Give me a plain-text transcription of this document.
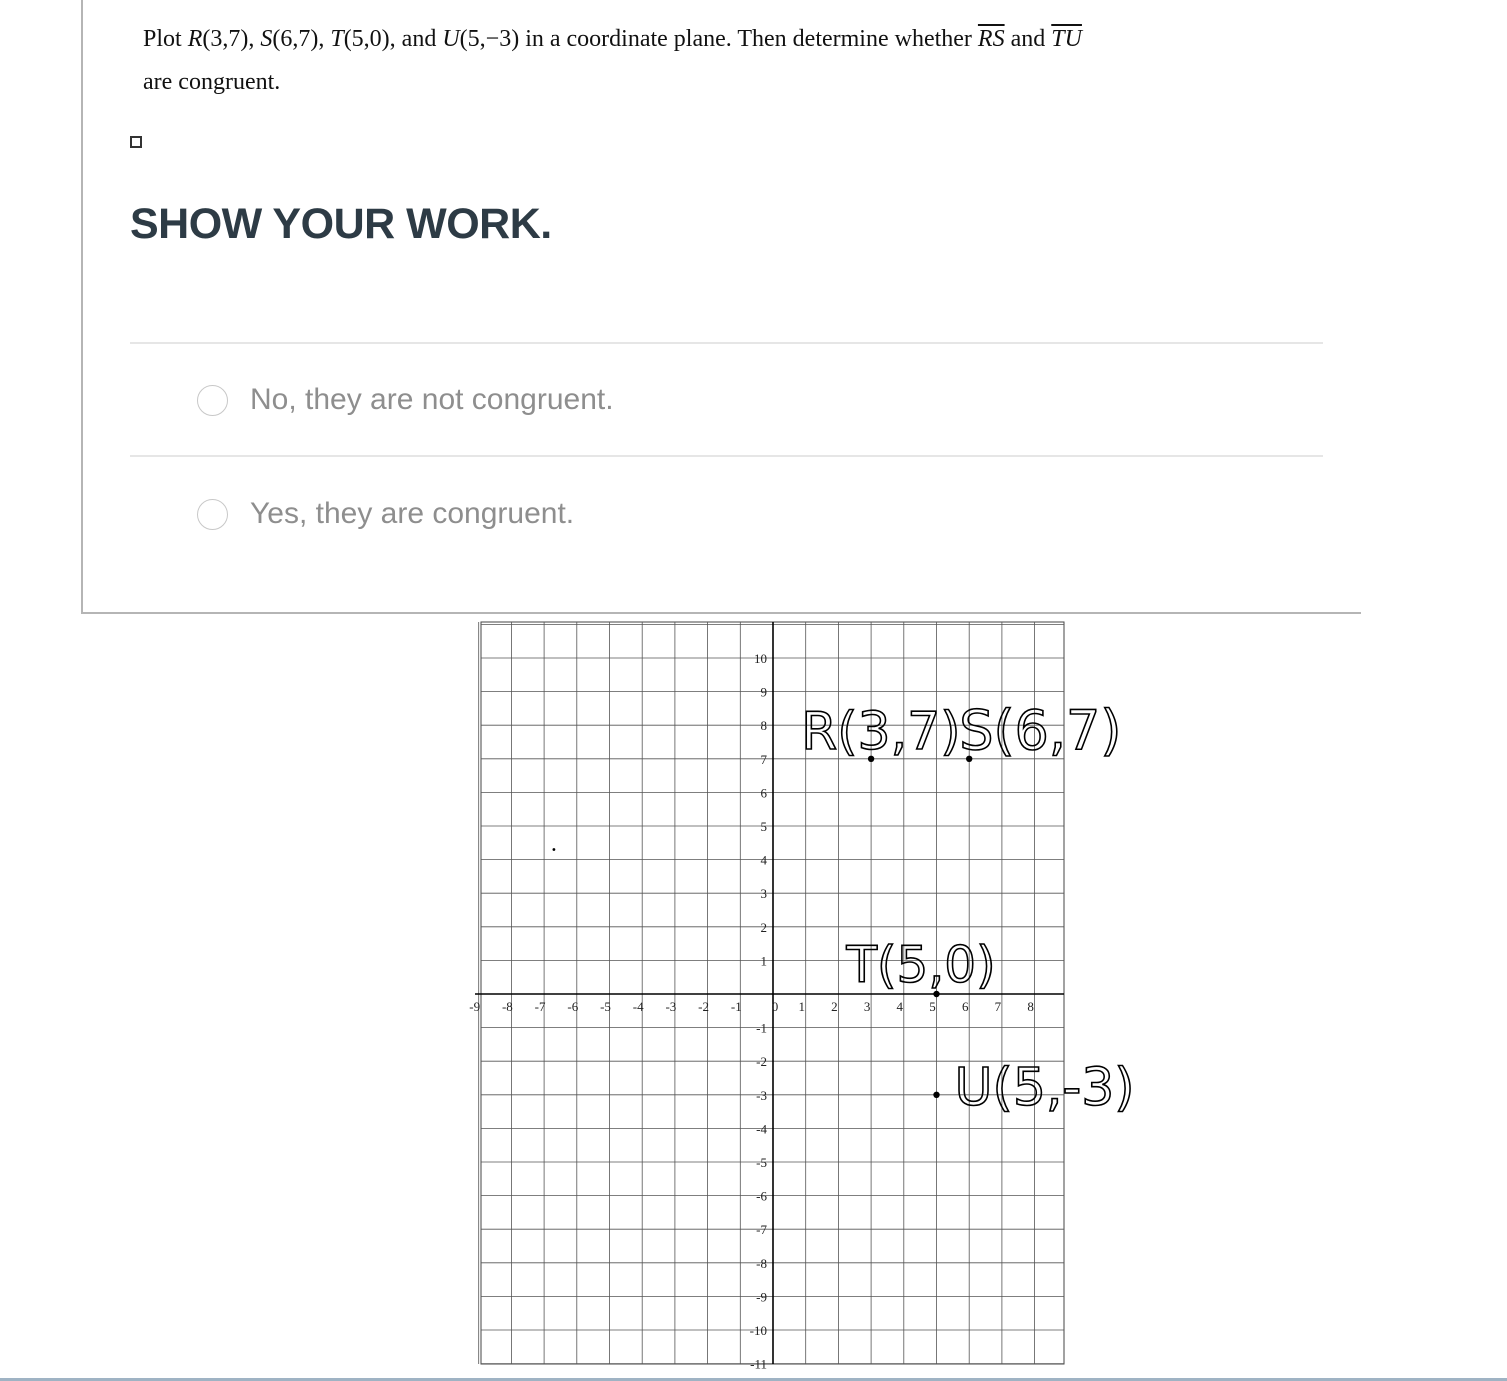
Plot R(3,7), S(6,7), T(5,0), and U(5,−3) in a coordinate plane. Then determine whether $\overline{RS}$ and $\overline{TU}$
are congruent.

SHOW YOUR WORK.
No, they are not congruent.
Yes, they are congruent.
-9 -8 -7 -6 -5 -4 -3 -2 -1 0 1 2 3 4 5 6 7 8
1
2
3
4
5
6
7
8
9
10
-1
-2
-3
-4
-5
-6
-7
-8
-9
-10
-11
R(3,7)
S(6,7)
T(5,0)
U(5,-3)
